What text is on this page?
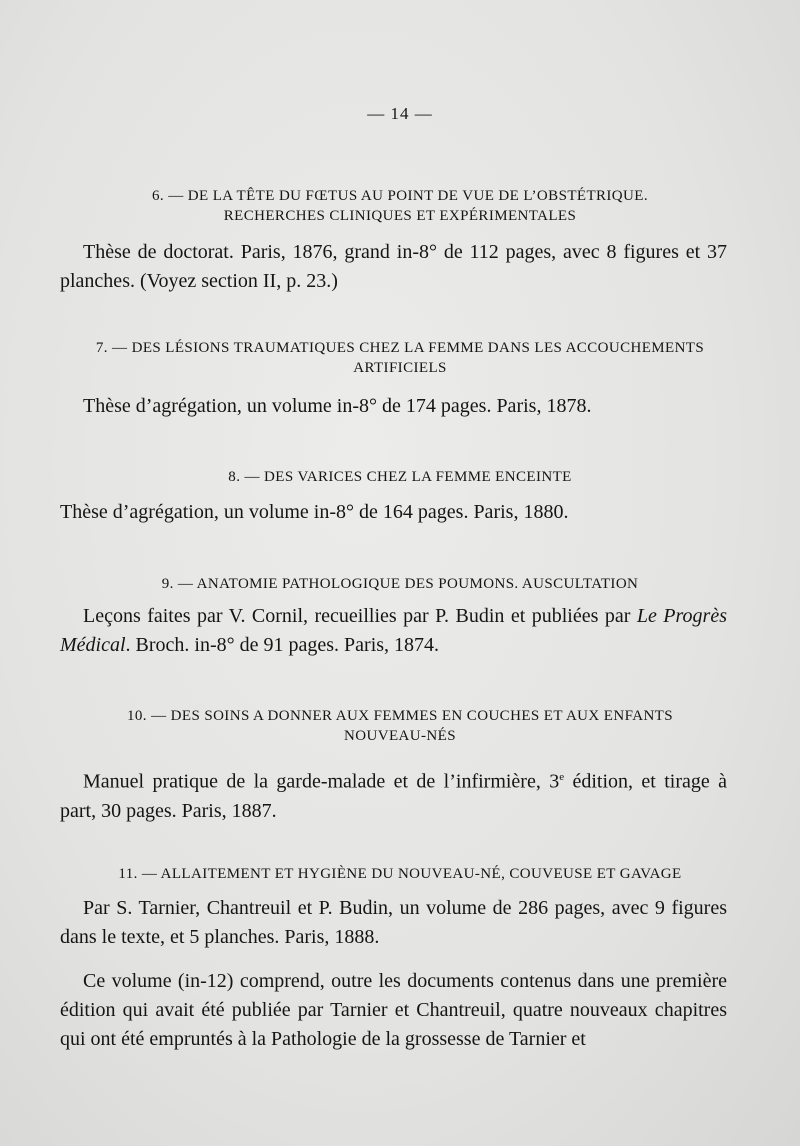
— 14 —
6. — DE LA TÊTE DU FŒTUS AU POINT DE VUE DE L’OBSTÉTRIQUE.
RECHERCHES CLINIQUES ET EXPÉRIMENTALES
Thèse de doctorat. Paris, 1876, grand in-8° de 112 pages, avec 8 figures et 37 planches. (Voyez section II, p. 23.)
7. — DES LÉSIONS TRAUMATIQUES CHEZ LA FEMME DANS LES ACCOUCHEMENTS
ARTIFICIELS
Thèse d’agrégation, un volume in-8° de 174 pages. Paris, 1878.
8. — DES VARICES CHEZ LA FEMME ENCEINTE
Thèse d’agrégation, un volume in-8° de 164 pages. Paris, 1880.
9. — ANATOMIE PATHOLOGIQUE DES POUMONS. AUSCULTATION
Leçons faites par V. Cornil, recueillies par P. Budin et publiées par Le Progrès Médical. Broch. in-8° de 91 pages. Paris, 1874.
10. — DES SOINS A DONNER AUX FEMMES EN COUCHES ET AUX ENFANTS
NOUVEAU-NÉS
Manuel pratique de la garde-malade et de l’infirmière, 3e édition, et tirage à part, 30 pages. Paris, 1887.
11. — ALLAITEMENT ET HYGIÈNE DU NOUVEAU-NÉ, COUVEUSE ET GAVAGE
Par S. Tarnier, Chantreuil et P. Budin, un volume de 286 pages, avec 9 figures dans le texte, et 5 planches. Paris, 1888.
Ce volume (in-12) comprend, outre les documents contenus dans une première édition qui avait été publiée par Tarnier et Chantreuil, quatre nouveaux chapitres qui ont été empruntés à la Pathologie de la grossesse de Tarnier et
